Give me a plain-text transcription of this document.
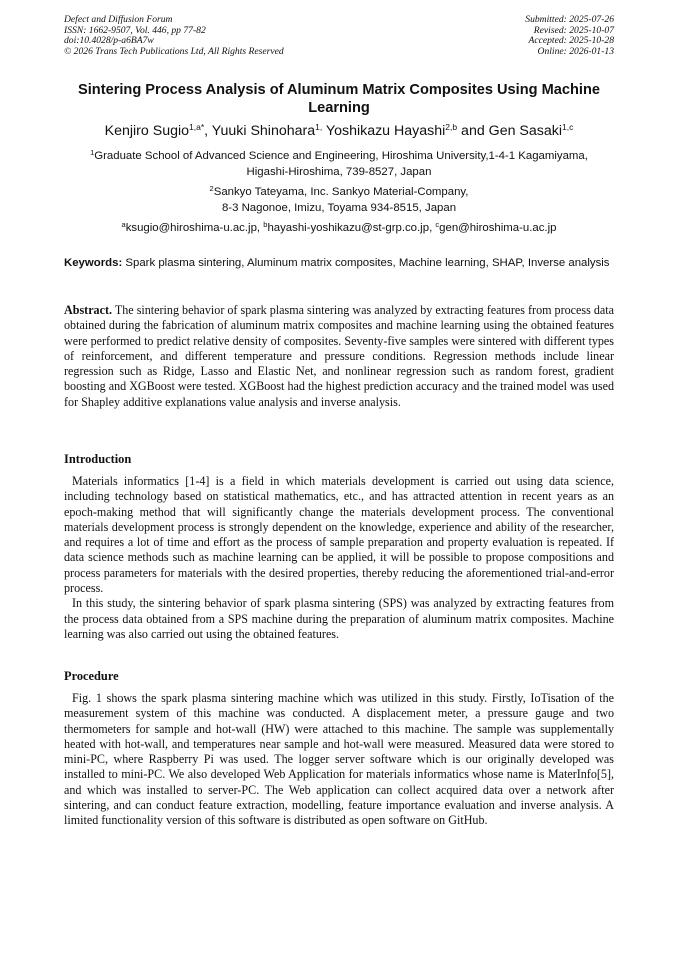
Defect and Diffusion Forum
ISSN: 1662-9507, Vol. 446, pp 77-82
doi:10.4028/p-a6BA7w
© 2026 Trans Tech Publications Ltd, All Rights Reserved
Submitted: 2025-07-26
Revised: 2025-10-07
Accepted: 2025-10-28
Online: 2026-01-13
Sintering Process Analysis of Aluminum Matrix Composites Using Machine Learning
Kenjiro Sugio$^{1,a*}$, Yuuki Shinohara$^{1,}$ Yoshikazu Hayashi$^{2,b}$ and Gen Sasaki$^{1,c}$
$^1$Graduate School of Advanced Science and Engineering, Hiroshima University,1-4-1 Kagamiyama,
Higashi-Hiroshima, 739-8527, Japan
$^2$Sankyo Tateyama, Inc. Sankyo Material-Company,
8-3 Nagonoe, Imizu, Toyama 934-8515, Japan
$^a$ksugio@hiroshima-u.ac.jp, $^b$hayashi-yoshikazu@st-grp.co.jp, $^c$gen@hiroshima-u.ac.jp
Keywords: Spark plasma sintering, Aluminum matrix composites, Machine learning, SHAP, Inverse analysis

Abstract. The sintering behavior of spark plasma sintering was analyzed by extracting features from process data obtained during the fabrication of aluminum matrix composites and machine learning using the obtained features were performed to predict relative density of composites. Seventy-five samples were sintered with different types of reinforcement, and different temperature and pressure conditions. Regression methods include linear regression such as Ridge, Lasso and Elastic Net, and nonlinear regression such as random forest, gradient boosting and XGBoost were tested. XGBoost had the highest prediction accuracy and the trained model was used for Shapley additive explanations value analysis and inverse analysis.

Introduction

Materials informatics [1-4] is a field in which materials development is carried out using data science, including technology based on statistical mathematics, etc., and has attracted attention in recent years as an epoch-making method that will significantly change the materials development process. The conventional materials development process is strongly dependent on the knowledge, experience and ability of the researcher, and requires a lot of time and effort as the process of sample preparation and property evaluation is repeated. If data science methods such as machine learning can be applied, it will be possible to propose compositions and process parameters for materials with the desired properties, thereby reducing the aforementioned trial-and-error process.

In this study, the sintering behavior of spark plasma sintering (SPS) was analyzed by extracting features from the process data obtained from a SPS machine during the preparation of aluminum matrix composites. Machine learning was also carried out using the obtained features.

Procedure

Fig. 1 shows the spark plasma sintering machine which was utilized in this study. Firstly, IoTisation of the measurement system of this machine was conducted. A displacement meter, a pressure gauge and two thermometers for sample and hot-wall (HW) were attached to this machine. The sample was supplementally heated with hot-wall, and temperatures near sample and hot-wall were measured. Measured data were stored to mini-PC, where Raspberry Pi was used. The logger server software which is our originally developed was installed to mini-PC. We also developed Web Application for materials informatics whose name is MaterInfo[5], and which was installed to server-PC. The Web application can collect acquired data over a network after sintering, and can conduct feature extraction, modelling, feature importance evaluation and inverse analysis. A limited functionality version of this software is distributed as open software on GitHub.
